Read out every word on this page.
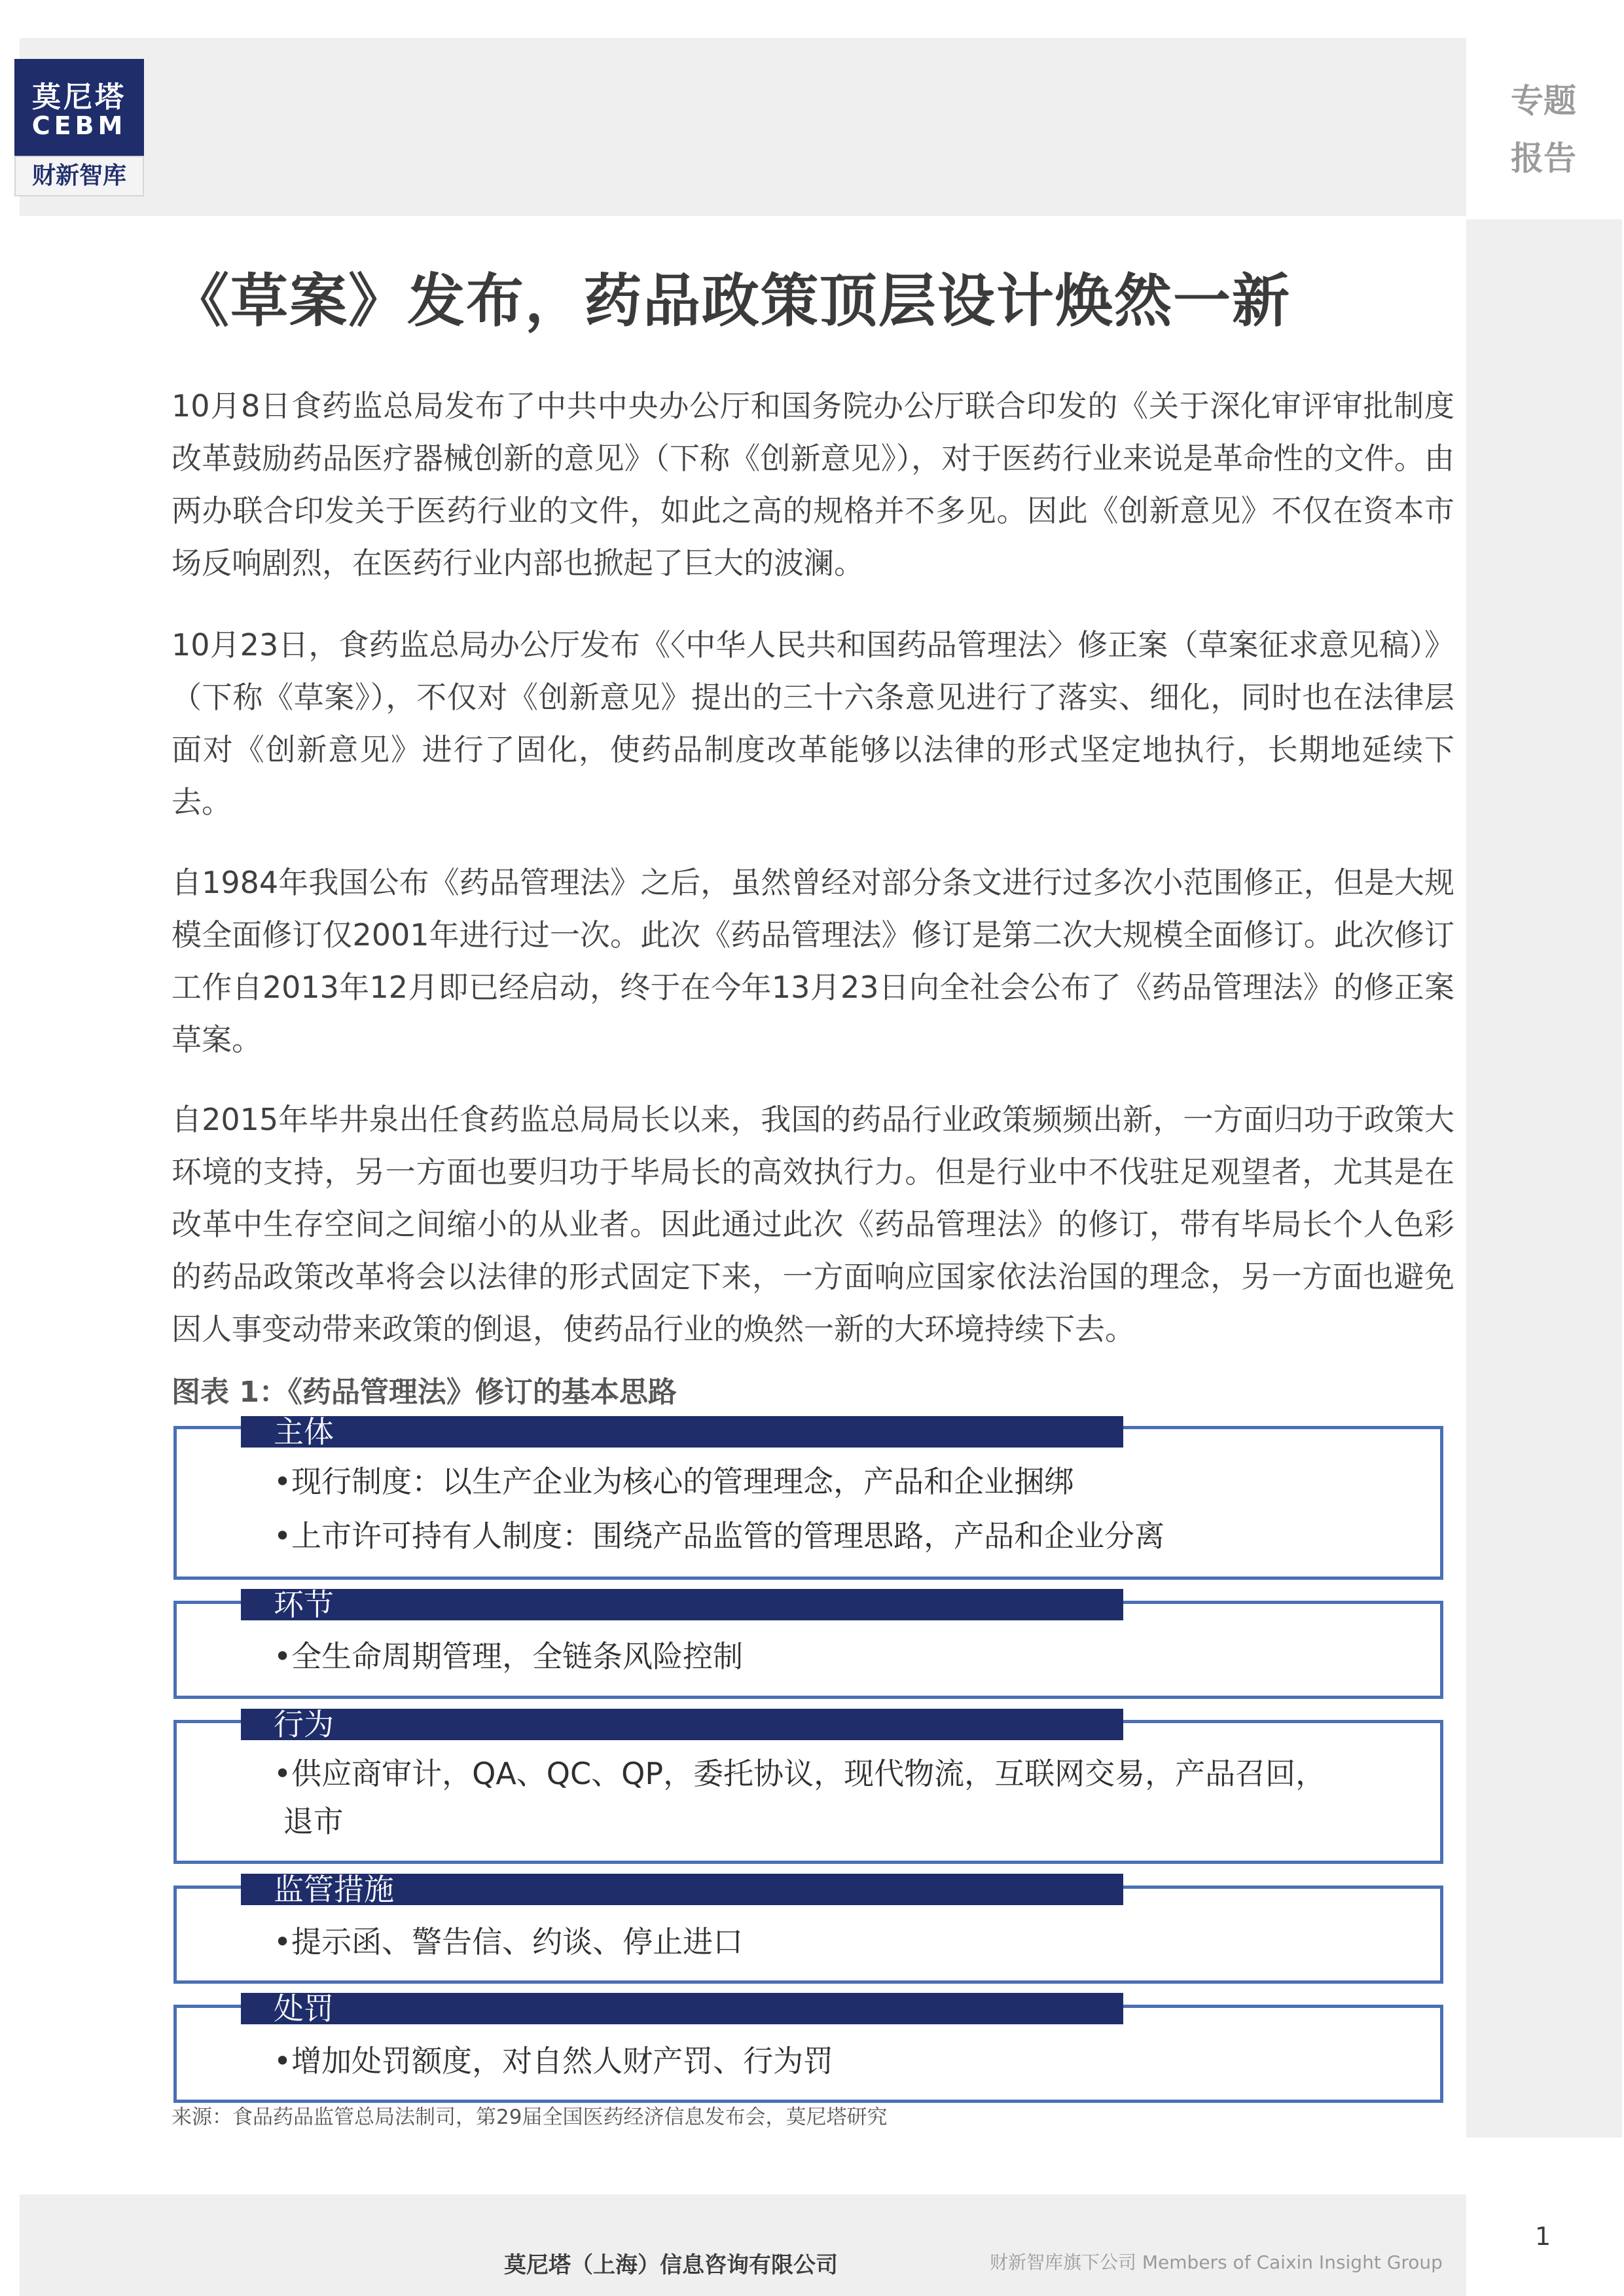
莫尼塔
CEBM
财新智库
专题
报告
《草案》发布，药品政策顶层设计焕然一新

10月8日食药监总局发布了中共中央办公厅和国务院办公厅联合印发的《关于深化审评审批制度改革鼓励药品医疗器械创新的意见》（下称《创新意见》），对于医药行业来说是革命性的文件。由两办联合印发关于医药行业的文件，如此之高的规格并不多见。因此《创新意见》不仅在资本市场反响剧烈，在医药行业内部也掀起了巨大的波澜。

10月23日，食药监总局办公厅发布《〈中华人民共和国药品管理法〉修正案（草案征求意见稿）》（下称《草案》），不仅对《创新意见》提出的三十六条意见进行了落实、细化，同时也在法律层面对《创新意见》进行了固化，使药品制度改革能够以法律的形式坚定地执行，长期地延续下去。

自1984年我国公布《药品管理法》之后，虽然曾经对部分条文进行过多次小范围修正，但是大规模全面修订仅2001年进行过一次。此次《药品管理法》修订是第二次大规模全面修订。此次修订工作自2013年12月即已经启动，终于在今年13月23日向全社会公布了《药品管理法》的修正案草案。

自2015年毕井泉出任食药监总局局长以来，我国的药品行业政策频频出新，一方面归功于政策大环境的支持，另一方面也要归功于毕局长的高效执行力。但是行业中不伐驻足观望者，尤其是在改革中生存空间之间缩小的从业者。因此通过此次《药品管理法》的修订，带有毕局长个人色彩的药品政策改革将会以法律的形式固定下来，一方面响应国家依法治国的理念，另一方面也避免因人事变动带来政策的倒退，使药品行业的焕然一新的大环境持续下去。

图表 1：《药品管理法》修订的基本思路
主体
•现行制度：以生产企业为核心的管理理念，产品和企业捆绑
•上市许可持有人制度：围绕产品监管的管理思路，产品和企业分离
环节
•全生命周期管理，全链条风险控制
行为
•供应商审计，QA、QC、QP，委托协议，现代物流，互联网交易，产品召回，
退市
监管措施
•提示函、警告信、约谈、停止进口
处罚
•增加处罚额度，对自然人财产罚、行为罚
来源：食品药品监管总局法制司，第29届全国医药经济信息发布会，莫尼塔研究
莫尼塔（上海）信息咨询有限公司	财新智库旗下公司 Members of Caixin Insight Group
1
